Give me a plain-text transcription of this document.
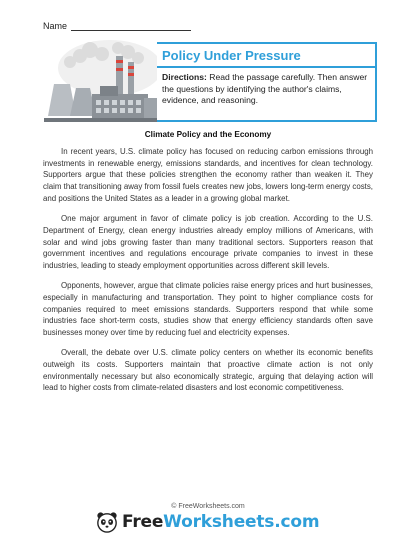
Name
Policy Under Pressure
Directions: Read the passage carefully. Then answer the questions by identifying the author's claims, evidence, and reasoning.
Climate Policy and the Economy

In recent years, U.S. climate policy has focused on reducing carbon emissions through investments in renewable energy, emissions standards, and incentives for clean technology. Supporters argue that these policies strengthen the economy rather than weaken it. They claim that transitioning away from fossil fuels creates new jobs, lowers long-term energy costs, and positions the United States as a leader in a growing global market.

One major argument in favor of climate policy is job creation. According to the U.S. Department of Energy, clean energy industries already employ millions of Americans, with solar and wind jobs growing faster than many traditional sectors. Supporters reason that government incentives and regulations encourage private companies to invest in these industries, leading to steady employment opportunities across different skill levels.

Opponents, however, argue that climate policies raise energy prices and hurt businesses, especially in manufacturing and transportation. They point to higher compliance costs for companies required to meet emissions standards. Supporters respond that while some industries face short-term costs, studies show that energy efficiency standards often save businesses money over time by reducing fuel and electricity expenses.

Overall, the debate over U.S. climate policy centers on whether its economic benefits outweigh its costs. Supporters maintain that proactive climate action is not only environmentally necessary but also economically strategic, arguing that delaying action will lead to higher costs from climate-related disasters and lost economic competitiveness.

© FreeWorksheets.com
FreeWorksheets.com
